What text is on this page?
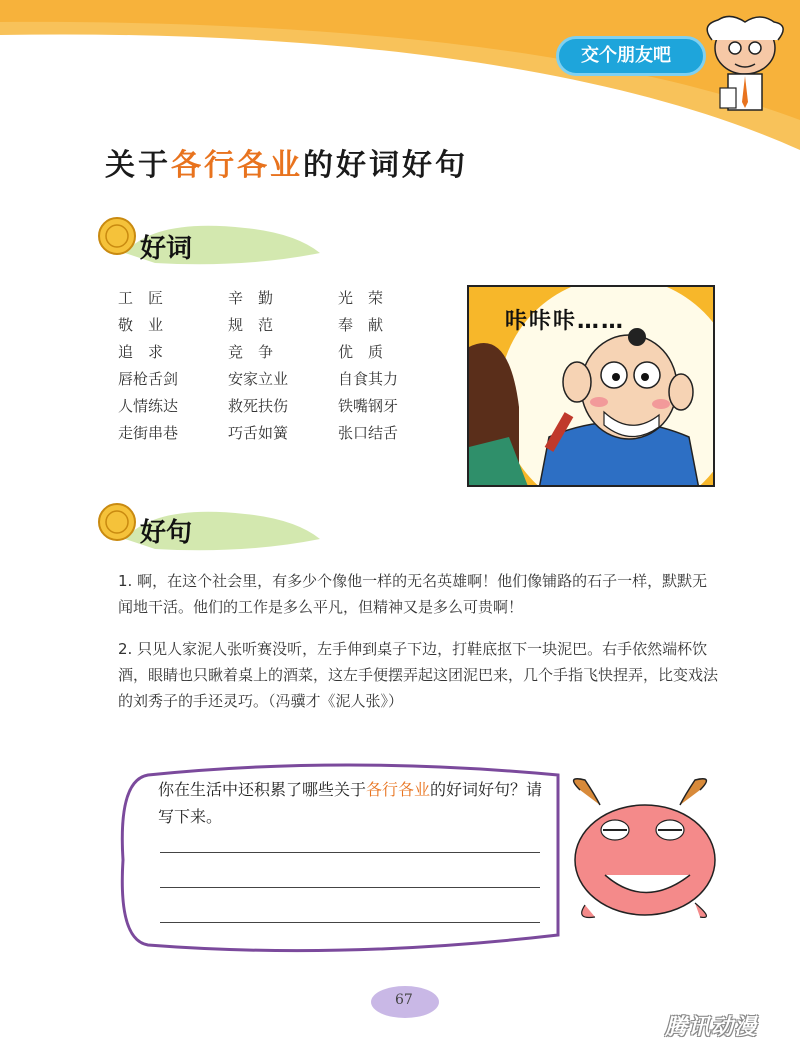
交个朋友吧
关于各行各业的好词好句
好词
工　匠	辛　勤	光　荣
敬　业	规　范	奉　献
追　求	竞　争	优　质
唇枪舌剑	安家立业	自食其力
人情练达	救死扶伤	铁嘴钢牙
走街串巷	巧舌如簧	张口结舌
咔咔咔……
好句

1. 啊，在这个社会里，有多少个像他一样的无名英雄啊！他们像铺路的石子一样，默默无闻地干活。他们的工作是多么平凡，但精神又是多么可贵啊！

2. 只见人家泥人张听赛没听，左手伸到桌子下边，打鞋底抠下一块泥巴。右手依然端杯饮酒，眼睛也只瞅着桌上的酒菜，这左手便摆弄起这团泥巴来，几个手指飞快捏弄，比变戏法的刘秀子的手还灵巧。（冯骥才《泥人张》）

你在生活中还积累了哪些关于各行各业的好词好句？请写下来。

67
腾讯动漫
